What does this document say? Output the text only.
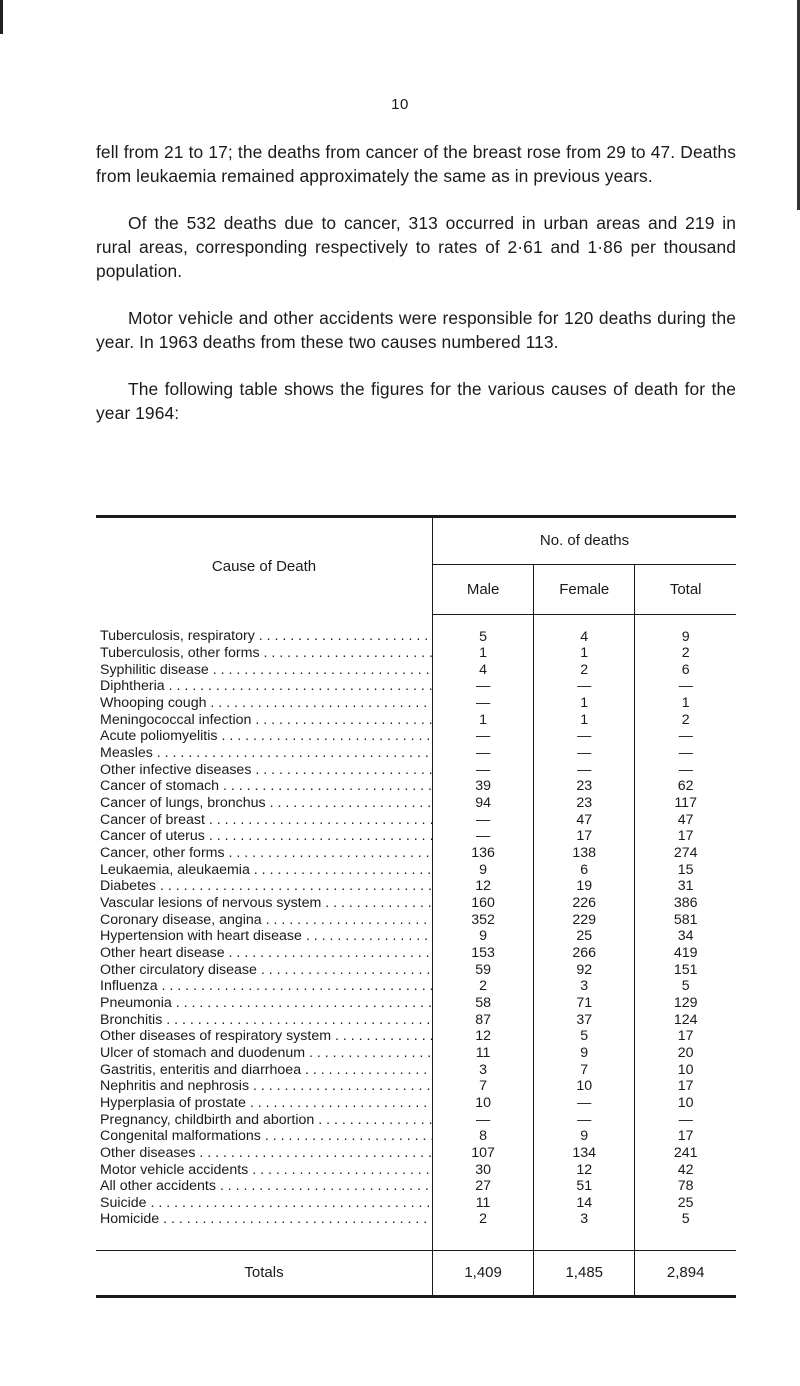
10

fell from 21 to 17; the deaths from cancer of the breast rose from 29 to 47. Deaths from leukaemia remained approximately the same as in previous years.

Of the 532 deaths due to cancer, 313 occurred in urban areas and 219 in rural areas, corresponding respectively to rates of 2·61 and 1·86 per thousand population.

Motor vehicle and other accidents were responsible for 120 deaths during the year. In 1963 deaths from these two causes numbered 113.

The following table shows the figures for the various causes of death for the year 1964:

Cause of Death	No. of deaths		
	Male	Female	Total

Tuberculosis, respiratory . . .	5	4	9

Tuberculosis, other forms . . .	1	1	2

Syphilitic disease . . .	4	2	6

Diphtheria . . .	—	—	—

Whooping cough . . .	—	1	1

Meningococcal infection . . .	1	1	2

Acute poliomyelitis . . .	—	—	—

Measles . . .	—	—	—

Other infective diseases . . .	—	—	—

Cancer of stomach . . .	39	23	62

Cancer of lungs, bronchus . . .	94	23	117

Cancer of breast . . .	—	47	47

Cancer of uterus . . .	—	17	17

Cancer, other forms . . .	136	138	274

Leukaemia, aleukaemia . . .	9	6	15

Diabetes . . .	12	19	31

Vascular lesions of nervous system . . .	160	226	386

Coronary disease, angina . . .	352	229	581

Hypertension with heart disease . . .	9	25	34

Other heart disease . . .	153	266	419

Other circulatory disease . . .	59	92	151

Influenza . . .	2	3	5

Pneumonia . . .	58	71	129

Bronchitis . . .	87	37	124

Other diseases of respiratory system . . .	12	5	17

Ulcer of stomach and duodenum . . .	11	9	20

Gastritis, enteritis and diarrhoea . . .	3	7	10

Nephritis and nephrosis . . .	7	10	17

Hyperplasia of prostate . . .	10	—	10

Pregnancy, childbirth and abortion . . .	—	—	—

Congenital malformations . . .	8	9	17

Other diseases . . .	107	134	241

Motor vehicle accidents . . .	30	12	42

All other accidents . . .	27	51	78

Suicide . . .	11	14	25

Homicide . . .	2	3	5

Totals	1,409	1,485	2,894
